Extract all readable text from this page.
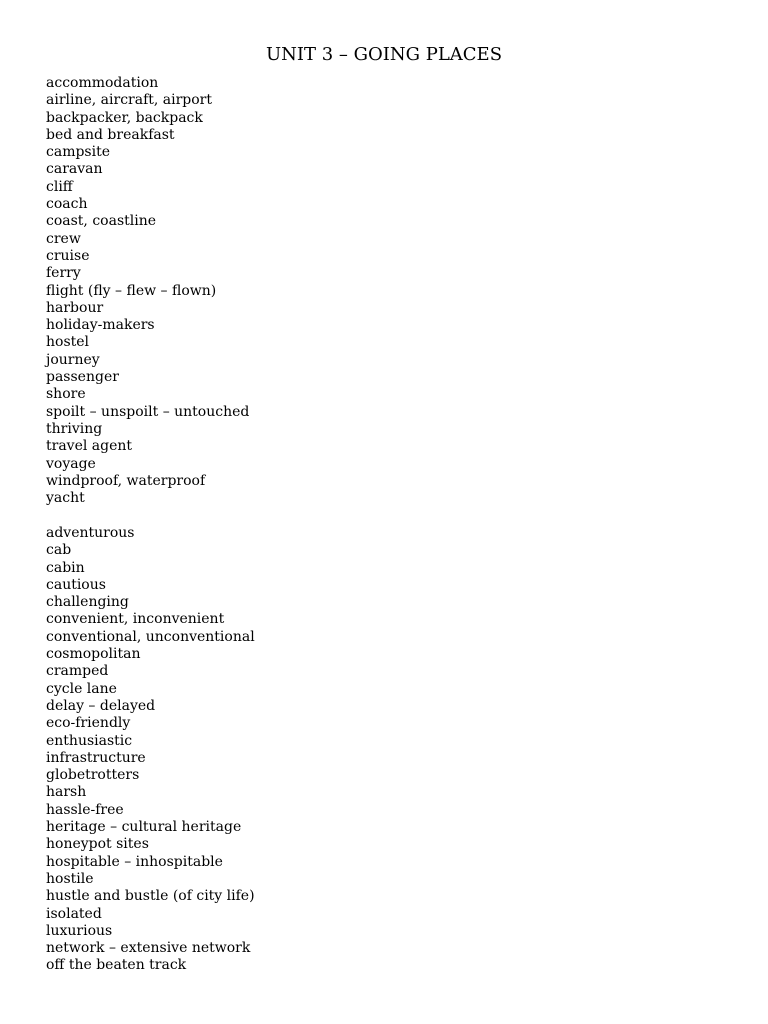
UNIT 3 – GOING PLACES
accommodation
airline, aircraft, airport
backpacker, backpack
bed and breakfast
campsite
caravan
cliff
coach
coast, coastline
crew
cruise
ferry
flight (fly – flew – flown)
harbour
holiday-makers
hostel
journey
passenger
shore
spoilt – unspoilt – untouched
thriving
travel agent
voyage
windproof, waterproof
yacht
adventurous
cab
cabin
cautious
challenging
convenient, inconvenient
conventional, unconventional
cosmopolitan
cramped
cycle lane
delay – delayed
eco-friendly
enthusiastic
infrastructure
globetrotters
harsh
hassle-free
heritage – cultural heritage
honeypot sites
hospitable – inhospitable
hostile
hustle and bustle (of city life)
isolated
luxurious
network – extensive network
off the beaten track
